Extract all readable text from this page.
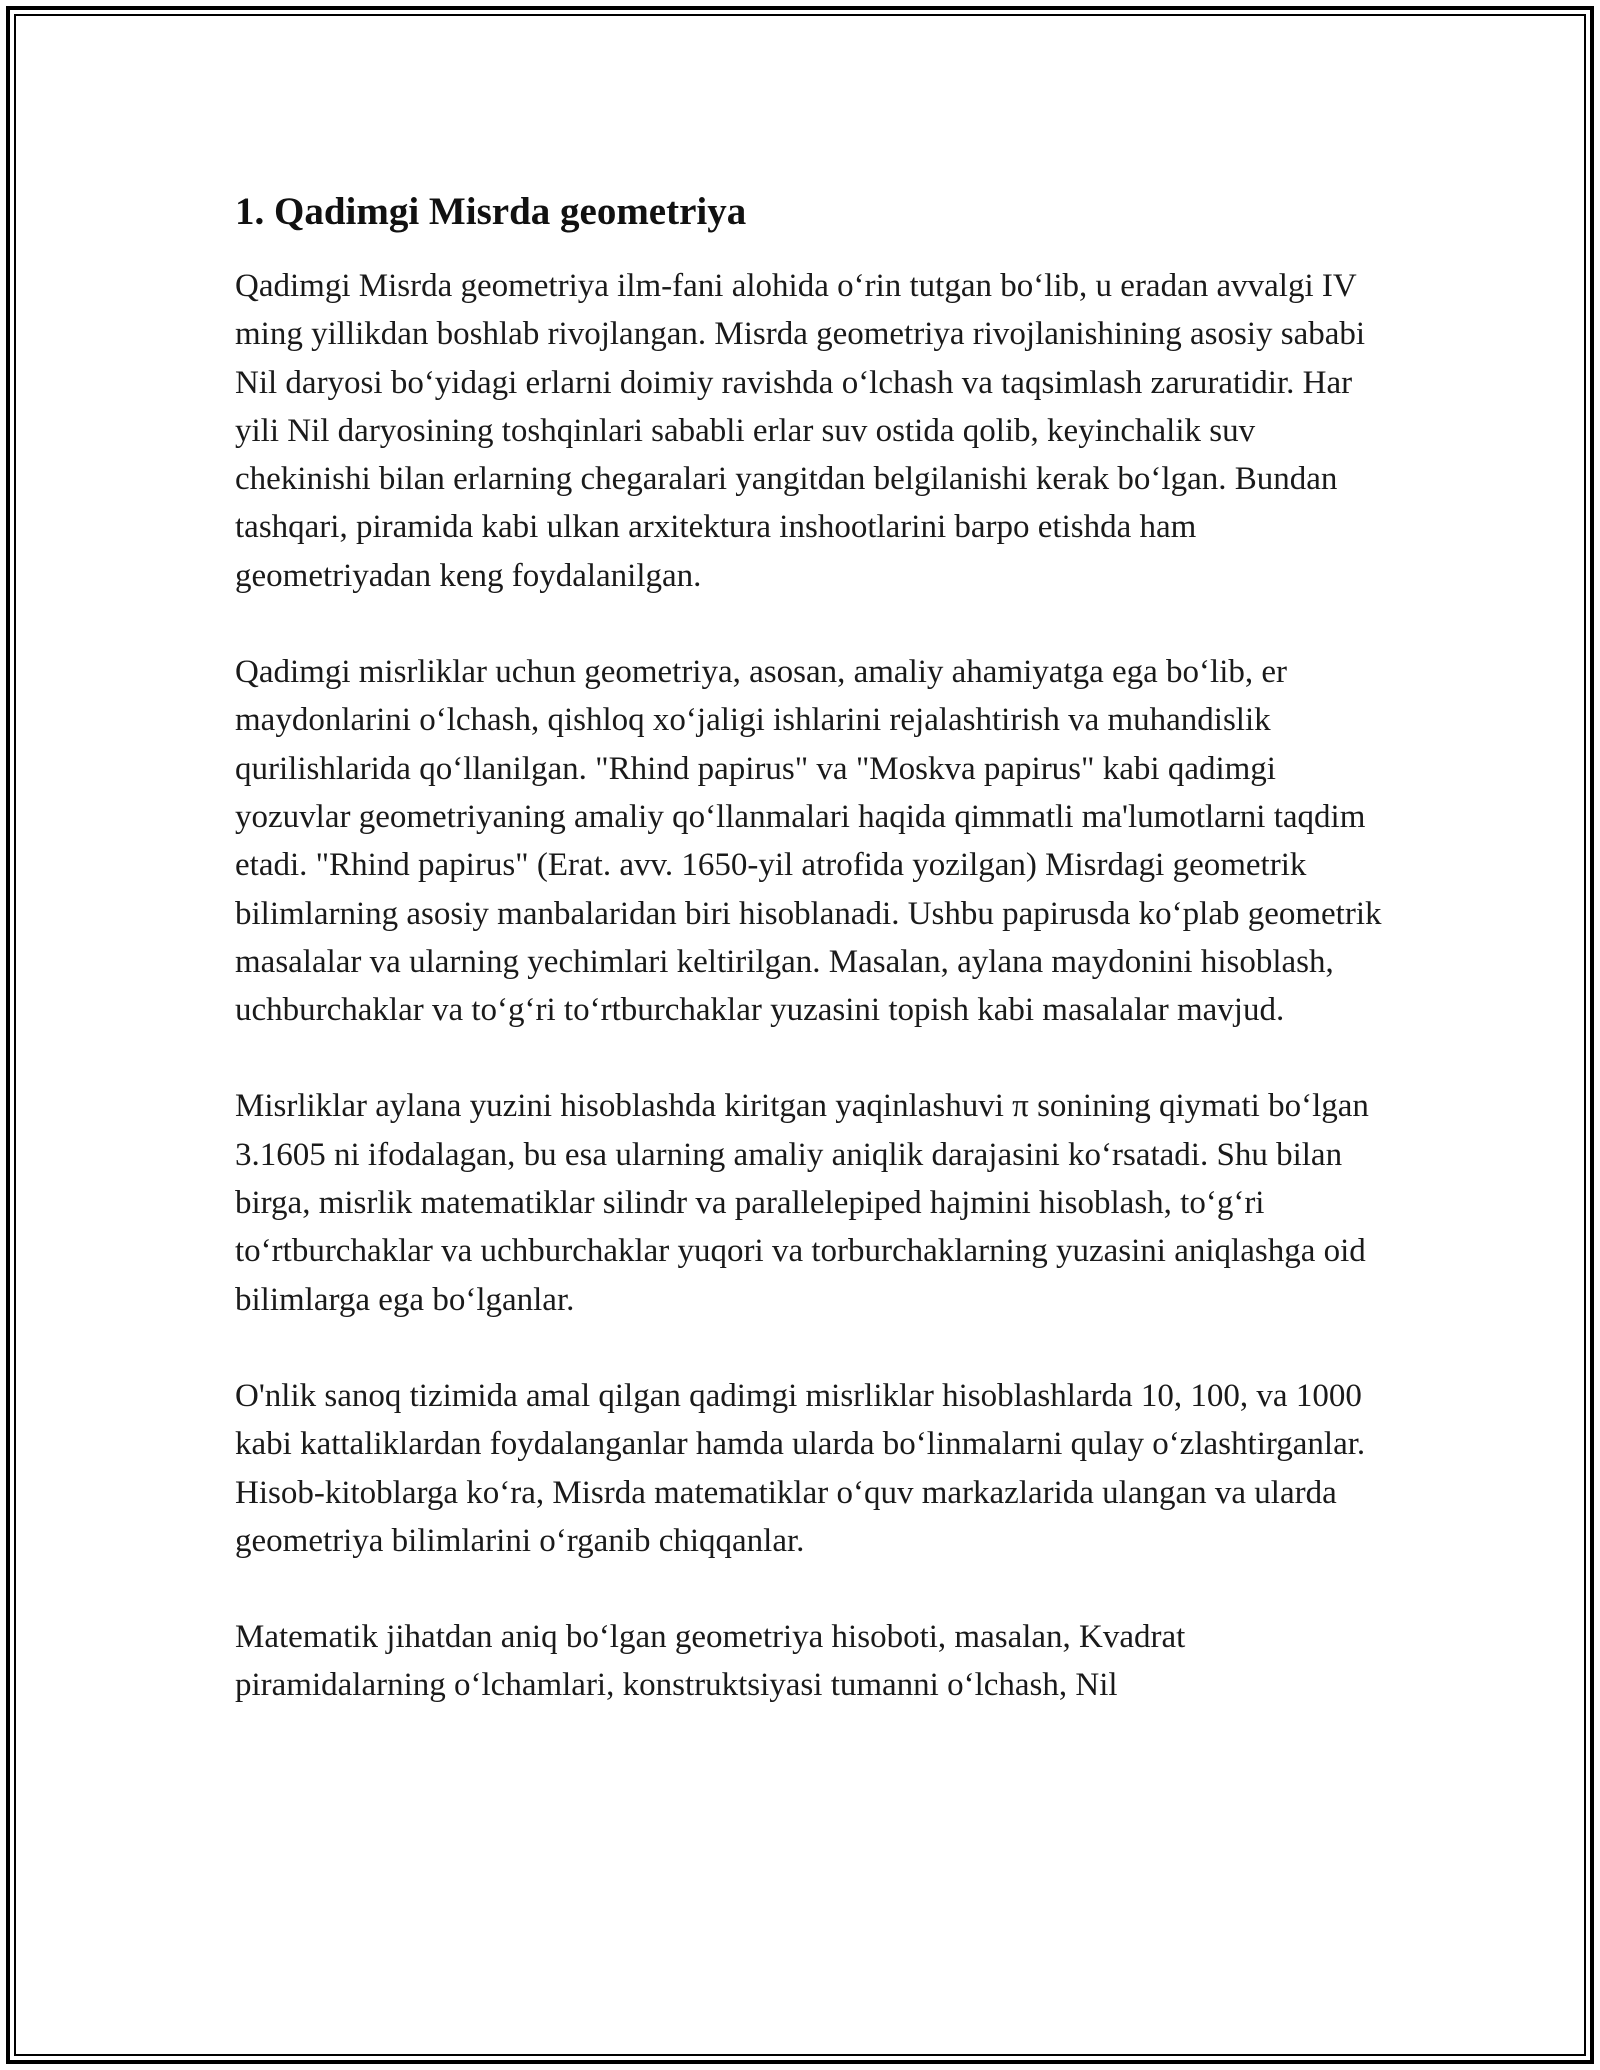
1. Qadimgi Misrda geometriya

Qadimgi Misrda geometriya ilm-fani alohida oʻrin tutgan boʻlib, u eradan avvalgi IV ming yillikdan boshlab rivojlangan. Misrda geometriya rivojlanishining asosiy sababi Nil daryosi boʻyidagi erlarni doimiy ravishda oʻlchash va taqsimlash zaruratidir. Har yili Nil daryosining toshqinlari sababli erlar suv ostida qolib, keyinchalik suv chekinishi bilan erlarning chegaralari yangitdan belgilanishi kerak boʻlgan. Bundan tashqari, piramida kabi ulkan arxitektura inshootlarini barpo etishda ham geometriyadan keng foydalanilgan.

Qadimgi misrliklar uchun geometriya, asosan, amaliy ahamiyatga ega boʻlib, er maydonlarini oʻlchash, qishloq xoʻjaligi ishlarini rejalashtirish va muhandislik qurilishlarida qoʻllanilgan. "Rhind papirus" va "Moskva papirus" kabi qadimgi yozuvlar geometriyaning amaliy qoʻllanmalari haqida qimmatli ma'lumotlarni taqdim etadi. "Rhind papirus" (Erat. avv. 1650-yil atrofida yozilgan) Misrdagi geometrik bilimlarning asosiy manbalaridan biri hisoblanadi. Ushbu papirusda koʻplab geometrik masalalar va ularning yechimlari keltirilgan. Masalan, aylana maydonini hisoblash, uchburchaklar va toʻgʻri toʻrtburchaklar yuzasini topish kabi masalalar mavjud.

Misrliklar aylana yuzini hisoblashda kiritgan yaqinlashuvi π sonining qiymati boʻlgan 3.1605 ni ifodalagan, bu esa ularning amaliy aniqlik darajasini koʻrsatadi. Shu bilan birga, misrlik matematiklar silindr va parallelepiped hajmini hisoblash, toʻgʻri toʻrtburchaklar va uchburchaklar yuqori va torburchaklarning yuzasini aniqlashga oid bilimlarga ega boʻlganlar.

O'nlik sanoq tizimida amal qilgan qadimgi misrliklar hisoblashlarda 10, 100, va 1000 kabi kattaliklardan foydalanganlar hamda ularda boʻlinmalarni qulay oʻzlashtirganlar. Hisob-kitoblarga koʻra, Misrda matematiklar oʻquv markazlarida ulangan va ularda geometriya bilimlarini oʻrganib chiqqanlar.

Matematik jihatdan aniq boʻlgan geometriya hisoboti, masalan, Kvadrat piramidalarning oʻlchamlari, konstruktsiyasi tumanni oʻlchash, Nil
